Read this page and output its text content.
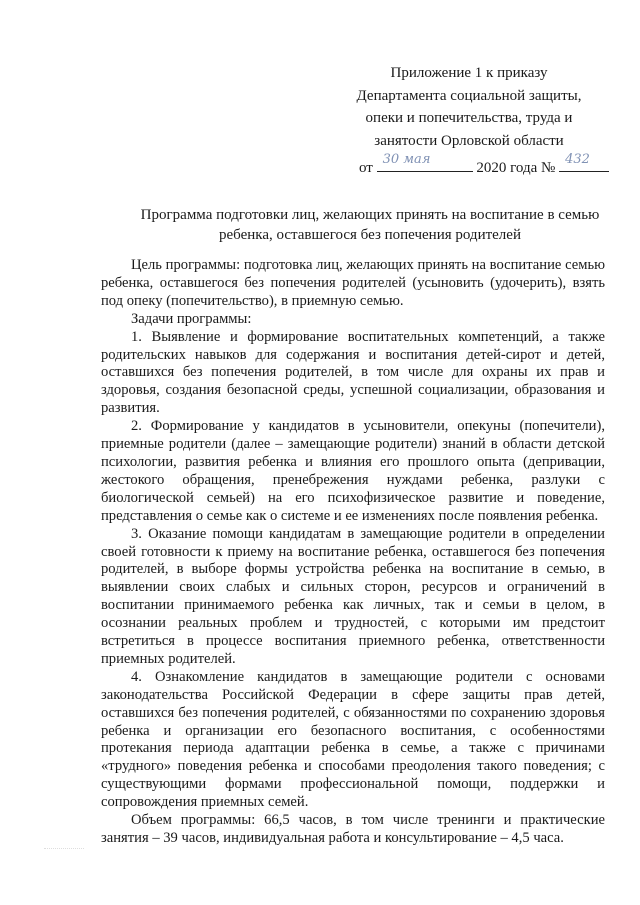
Приложение 1 к приказу
Департамента социальной защиты,
опеки и попечительства, труда и
занятости Орловской области
от
30 мая
2020 года №
432
Программа подготовки лиц, желающих принять на воспитание в семью
ребенка, оставшегося без попечения родителей

Цель программы: подготовка лиц, желающих принять на воспитание семью ребенка, оставшегося без попечения родителей (усыновить (удочерить), взять под опеку (попечительство), в приемную семью.

Задачи программы:

1. Выявление и формирование воспитательных компетенций, а также родительских навыков для содержания и воспитания детей-сирот и детей, оставшихся без попечения родителей, в том числе для охраны их прав и здоровья, создания безопасной среды, успешной социализации, образования и развития.

2. Формирование у кандидатов в усыновители, опекуны (попечители), приемные родители (далее – замещающие родители) знаний в области детской психологии, развития ребенка и влияния его прошлого опыта (депривации, жестокого обращения, пренебрежения нуждами ребенка, разлуки с биологической семьей) на его психофизическое развитие и поведение, представления о семье как о системе и ее изменениях после появления ребенка.

3. Оказание помощи кандидатам в замещающие родители в определении своей готовности к приему на воспитание ребенка, оставшегося без попечения родителей, в выборе формы устройства ребенка на воспитание в семью, в выявлении своих слабых и сильных сторон, ресурсов и ограничений в воспитании принимаемого ребенка как личных, так и семьи в целом, в осознании реальных проблем и трудностей, с которыми им предстоит встретиться в процессе воспитания приемного ребенка, ответственности приемных родителей.

4. Ознакомление кандидатов в замещающие родители с основами законодательства Российской Федерации в сфере защиты прав детей, оставшихся без попечения родителей, с обязанностями по сохранению здоровья ребенка и организации его безопасного воспитания, с особенностями протекания периода адаптации ребенка в семье, а также с причинами «трудного» поведения ребенка и способами преодоления такого поведения; с существующими формами профессиональной помощи, поддержки и сопровождения приемных семей.

Объем программы: 66,5 часов, в том числе тренинги и практические занятия – 39 часов, индивидуальная работа и консультирование – 4,5 часа.
